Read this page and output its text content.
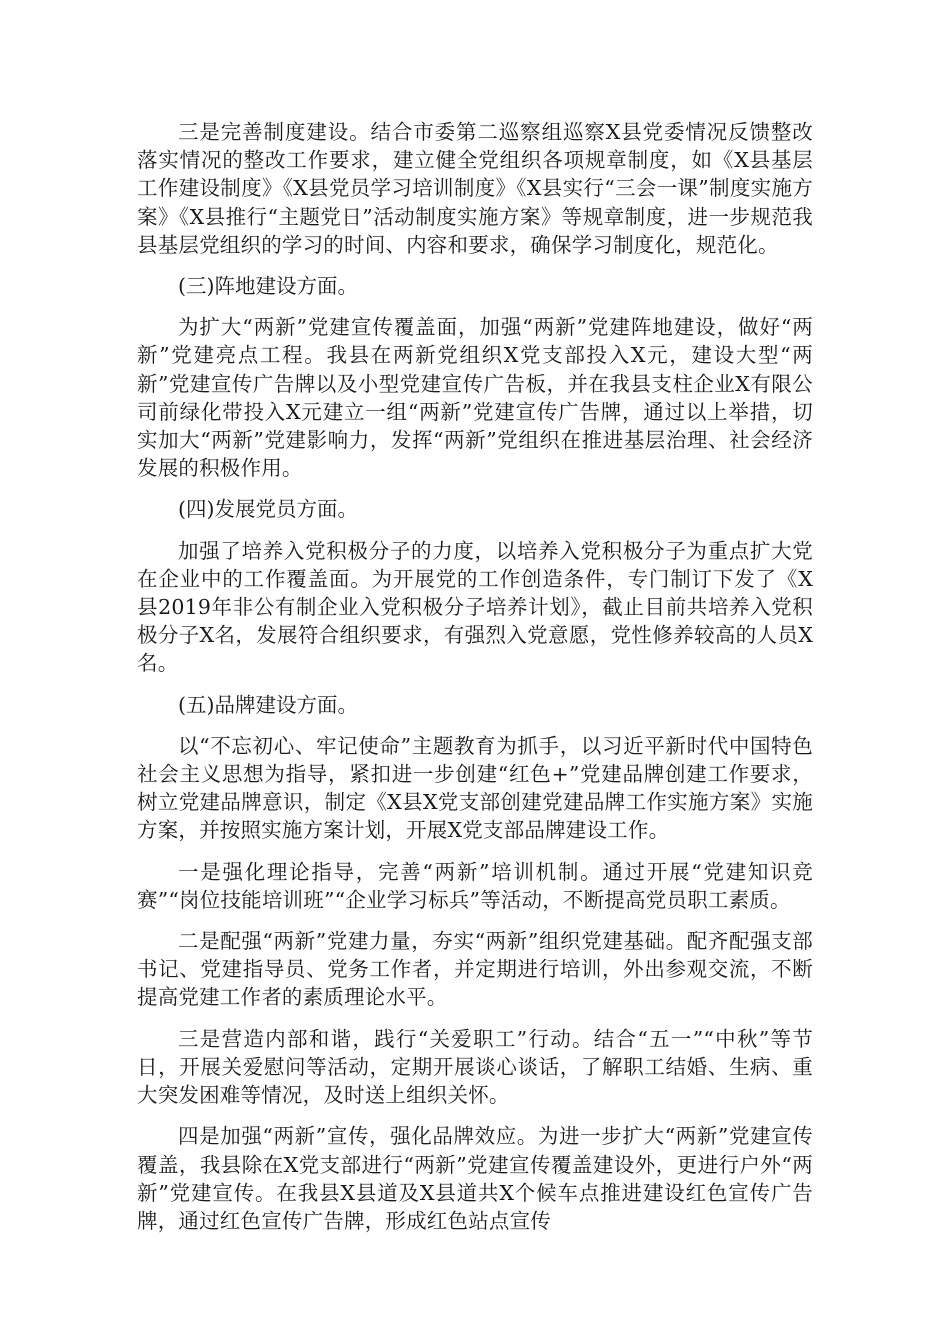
三是完善制度建设。结合市委第二巡察组巡察X县党委情况反馈整改落实情况的整改工作要求，建立健全党组织各项规章制度，如《X县基层工作建设制度》《X县党员学习培训制度》《X县实行“三会一课”制度实施方案》《X县推行“主题党日”活动制度实施方案》等规章制度，进一步规范我县基层党组织的学习的时间、内容和要求，确保学习制度化，规范化。

(三)阵地建设方面。

为扩大“两新”党建宣传覆盖面，加强“两新”党建阵地建设，做好“两新”党建亮点工程。我县在两新党组织X党支部投入X元，建设大型“两新”党建宣传广告牌以及小型党建宣传广告板，并在我县支柱企业X有限公司前绿化带投入X元建立一组“两新”党建宣传广告牌，通过以上举措，切实加大“两新”党建影响力，发挥“两新”党组织在推进基层治理、社会经济发展的积极作用。

(四)发展党员方面。

加强了培养入党积极分子的力度，以培养入党积极分子为重点扩大党在企业中的工作覆盖面。为开展党的工作创造条件，专门制订下发了《X县2019年非公有制企业入党积极分子培养计划》，截止目前共培养入党积极分子X名，发展符合组织要求，有强烈入党意愿，党性修养较高的人员X名。

(五)品牌建设方面。

以“不忘初心、牢记使命”主题教育为抓手，以习近平新时代中国特色社会主义思想为指导，紧扣进一步创建“红色+”党建品牌创建工作要求，树立党建品牌意识，制定《X县X党支部创建党建品牌工作实施方案》实施方案，并按照实施方案计划，开展X党支部品牌建设工作。

一是强化理论指导，完善“两新”培训机制。通过开展“党建知识竞赛”“岗位技能培训班”“企业学习标兵”等活动，不断提高党员职工素质。

二是配强“两新”党建力量，夯实“两新”组织党建基础。配齐配强支部书记、党建指导员、党务工作者，并定期进行培训，外出参观交流，不断提高党建工作者的素质理论水平。

三是营造内部和谐，践行“关爱职工”行动。结合“五一”“中秋”等节日，开展关爱慰问等活动，定期开展谈心谈话，了解职工结婚、生病、重大突发困难等情况，及时送上组织关怀。

四是加强“两新”宣传，强化品牌效应。为进一步扩大“两新”党建宣传覆盖，我县除在X党支部进行“两新”党建宣传覆盖建设外，更进行户外“两新”党建宣传。在我县X县道及X县道共X个候车点推进建设红色宣传广告牌，通过红色宣传广告牌，形成红色站点宣传
